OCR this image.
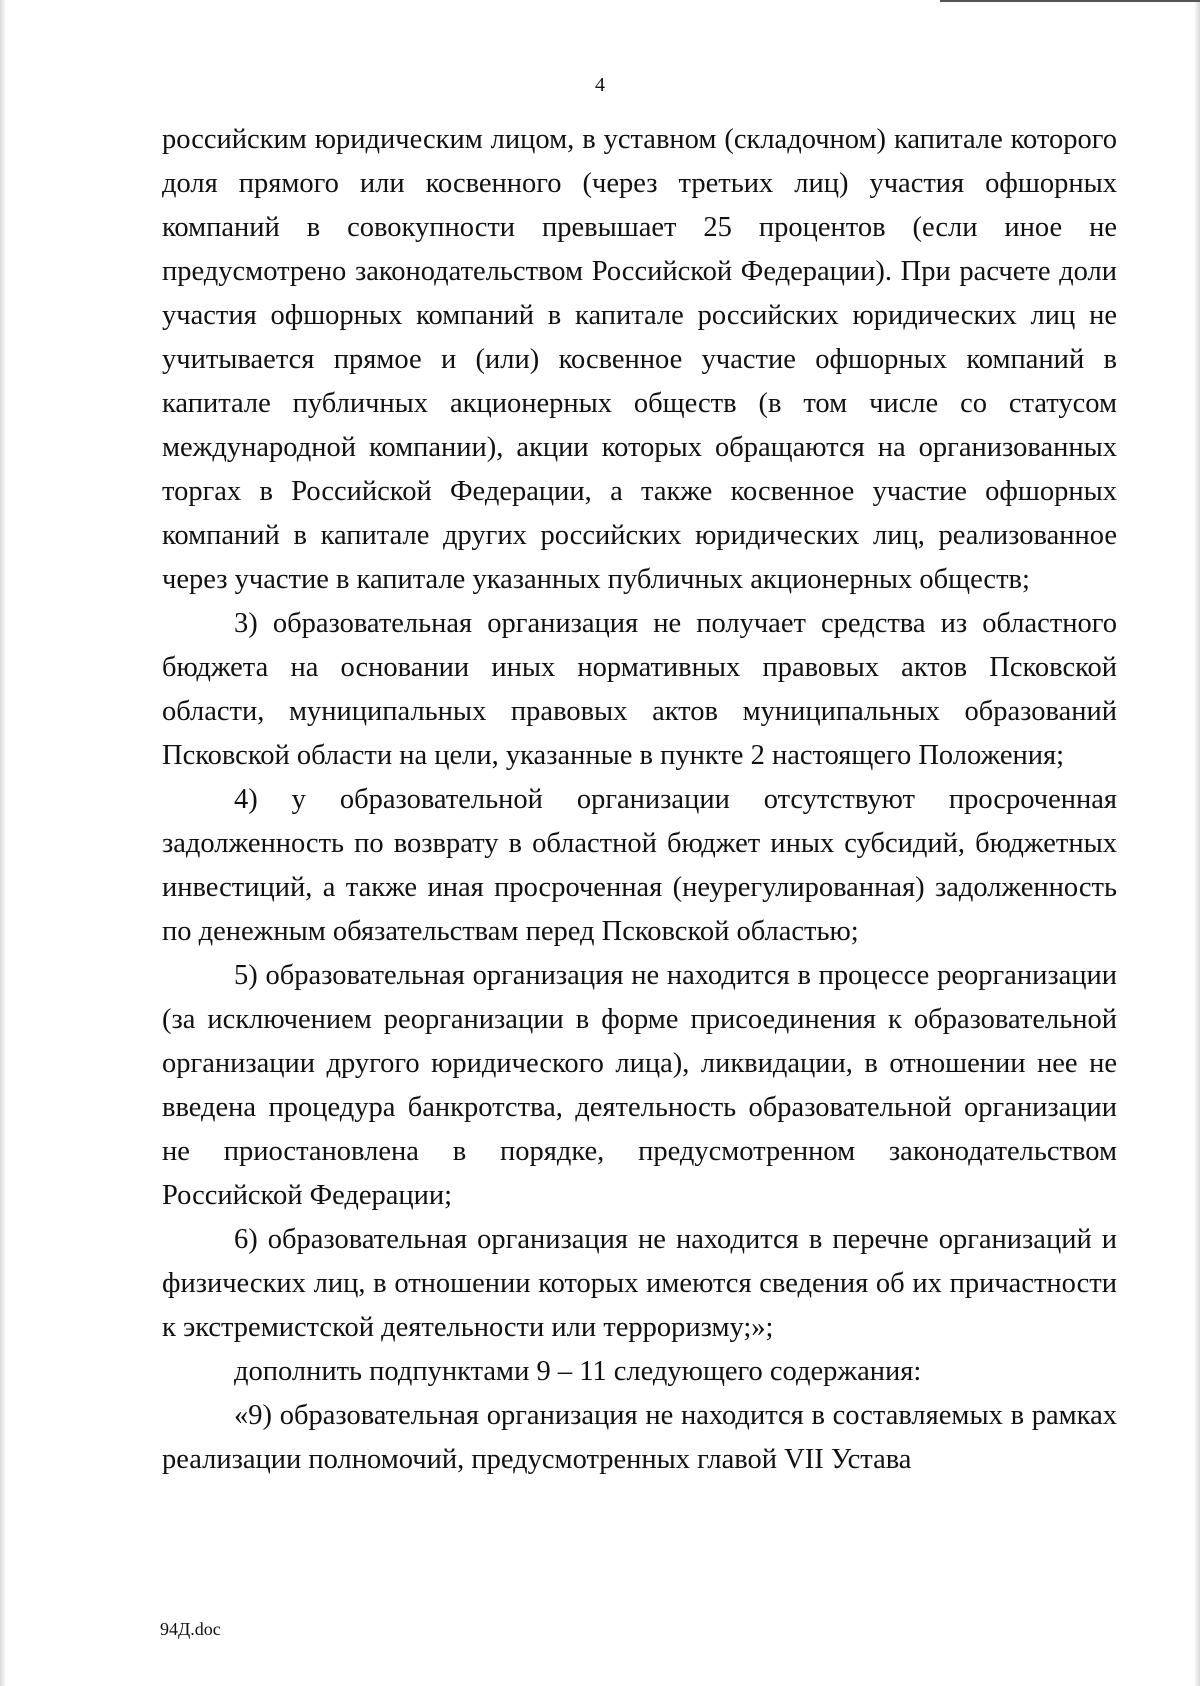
4

российским юридическим лицом, в уставном (складочном) капитале которого доля прямого или косвенного (через третьих лиц) участия офшорных компаний в совокупности превышает 25 процентов (если иное не предусмотрено законодательством Российской Федерации). При расчете доли участия офшорных компаний в капитале российских юридических лиц не учитывается прямое и (или) косвенное участие офшорных компаний в капитале публичных акционерных обществ (в том числе со статусом международной компании), акции которых обращаются на организованных торгах в Российской Федерации, а также косвенное участие офшорных компаний в капитале других российских юридических лиц, реализованное через участие в капитале указанных публичных акционерных обществ;

3) образовательная организация не получает средства из областного бюджета на основании иных нормативных правовых актов Псковской области, муниципальных правовых актов муниципальных образований Псковской области на цели, указанные в пункте 2 настоящего Положения;

4) у образовательной организации отсутствуют просроченная задолженность по возврату в областной бюджет иных субсидий, бюджетных инвестиций, а также иная просроченная (неурегулированная) задолженность по денежным обязательствам перед Псковской областью;

5) образовательная организация не находится в процессе реорганизации (за исключением реорганизации в форме присоединения к образовательной организации другого юридического лица), ликвидации, в отношении нее не введена процедура банкротства, деятельность образовательной организации не приостановлена в порядке, предусмотренном законодательством Российской Федерации;

6) образовательная организация не находится в перечне организаций и физических лиц, в отношении которых имеются сведения об их причастности к экстремистской деятельности или терроризму;»;

дополнить подпунктами 9 – 11 следующего содержания:

«9) образовательная организация не находится в составляемых в рамках реализации полномочий, предусмотренных главой VII Устава

94Д.doc
